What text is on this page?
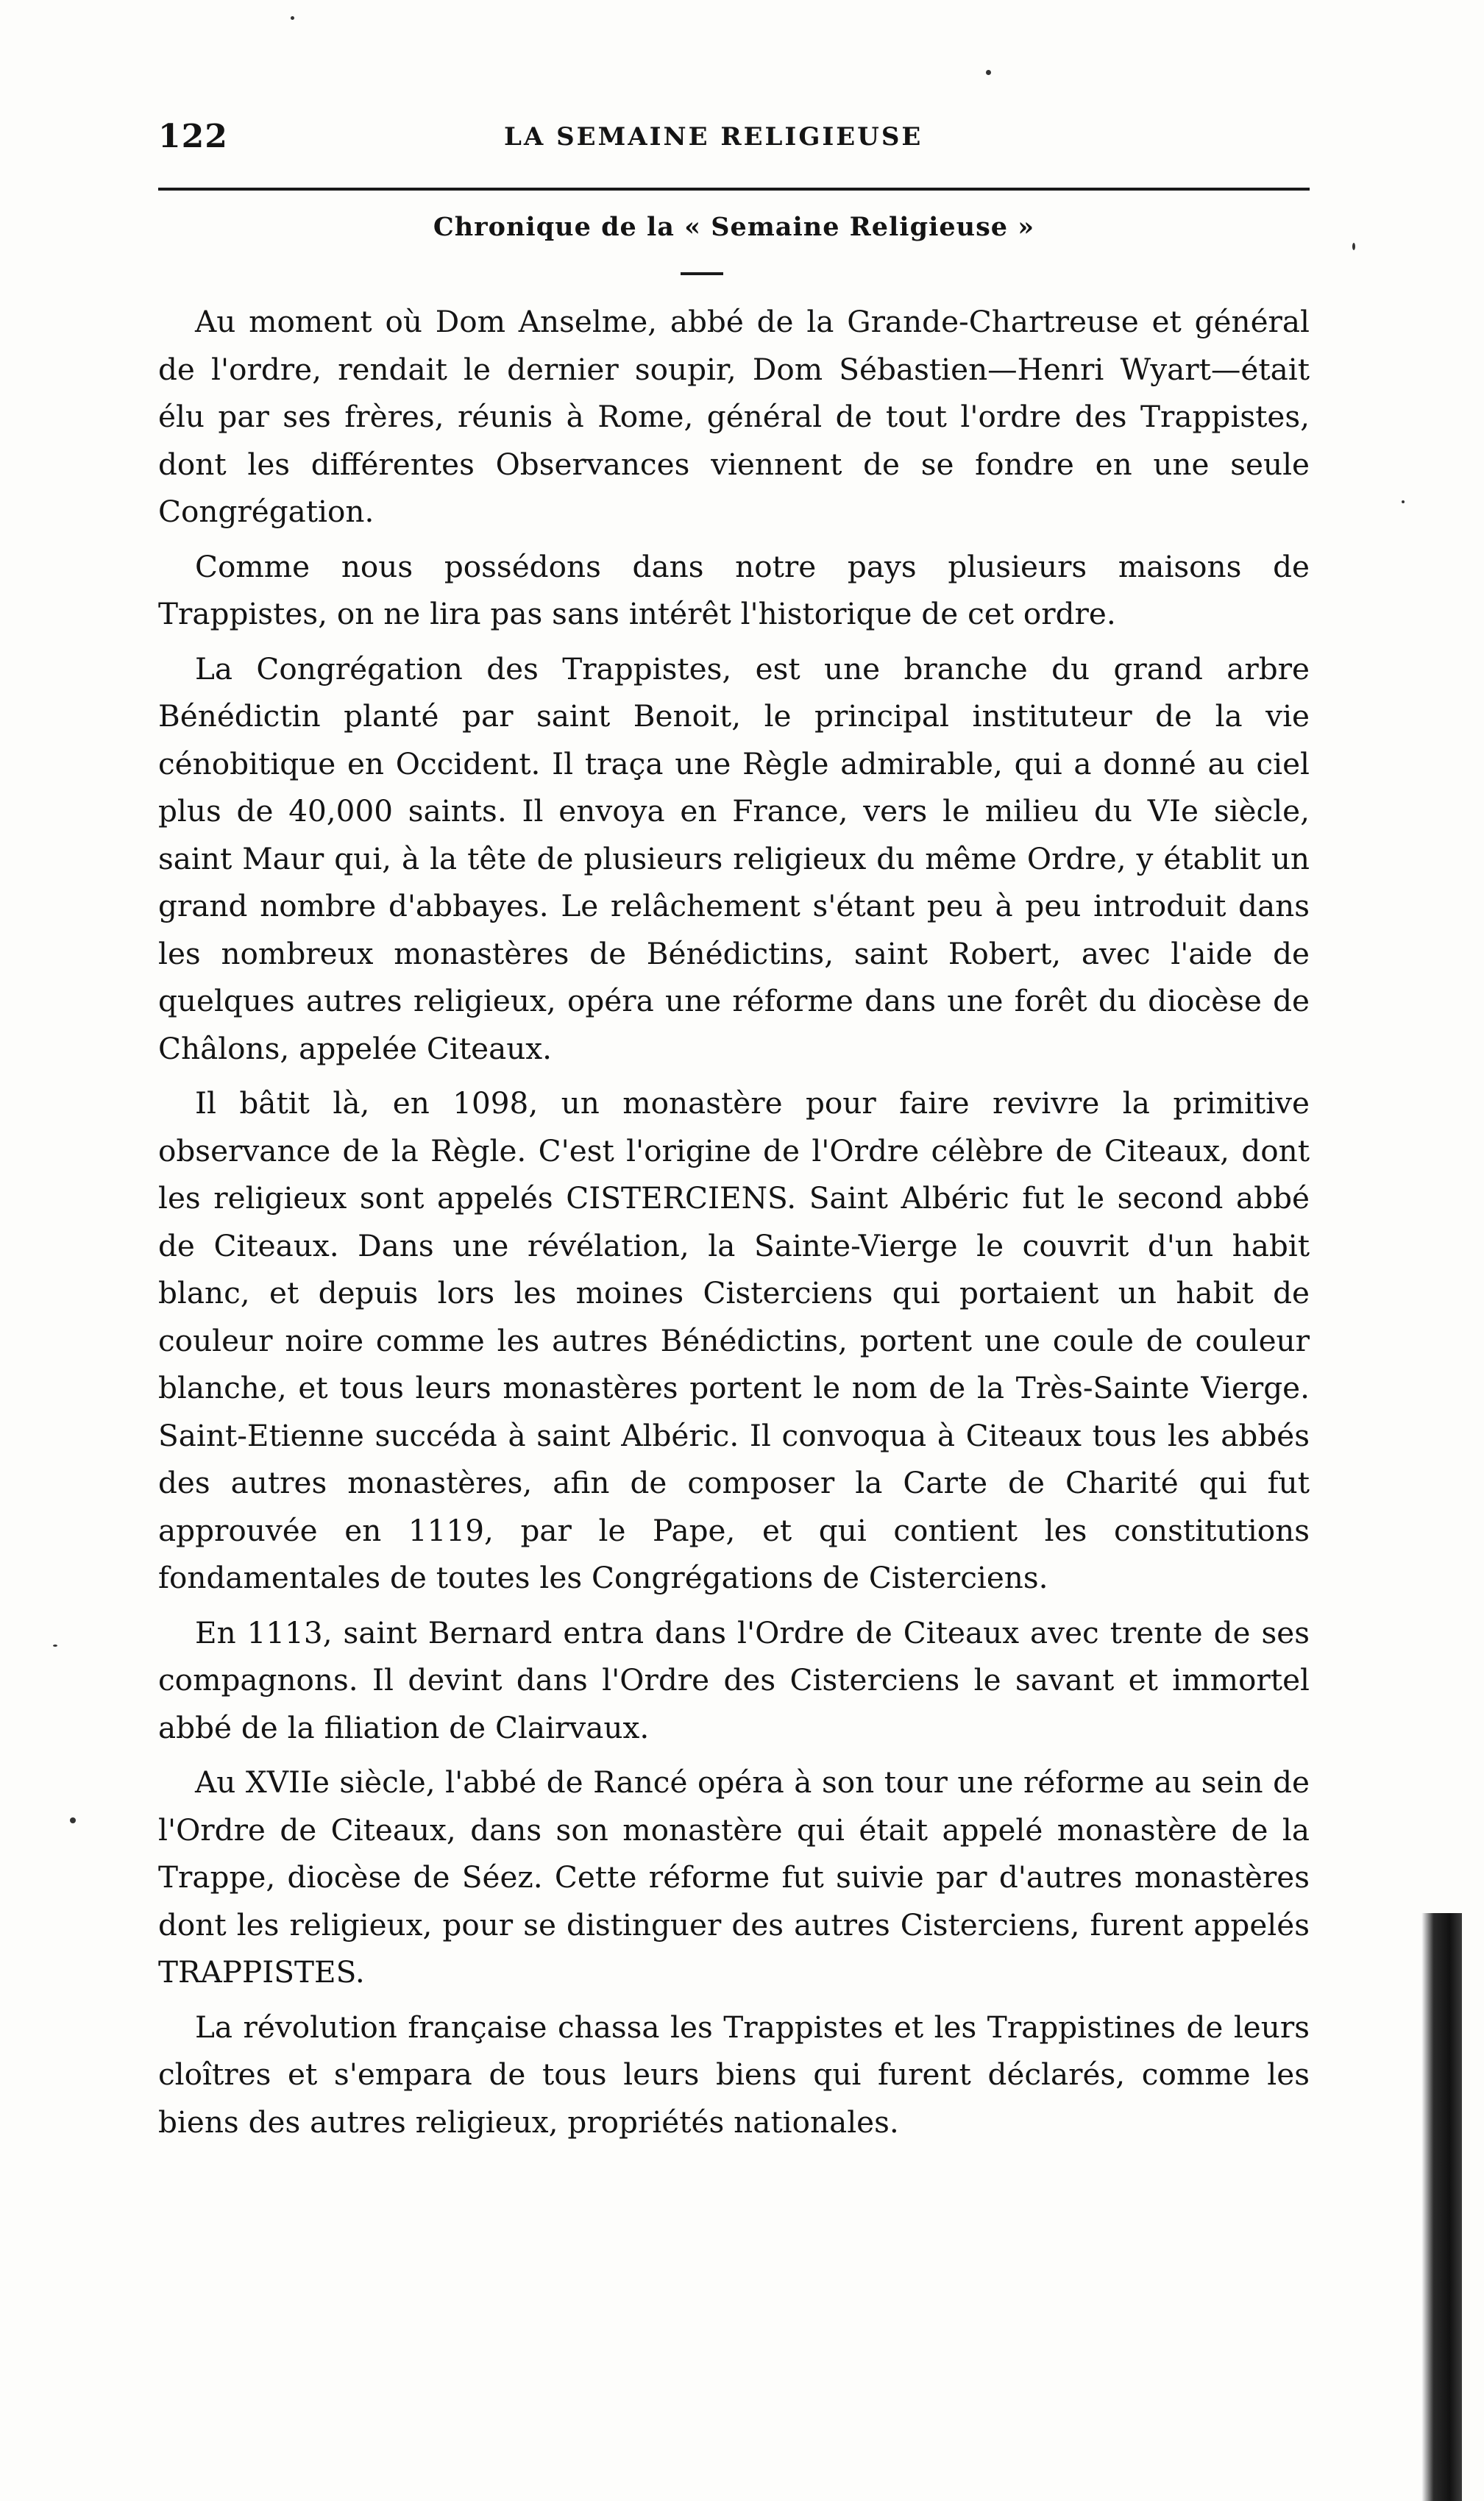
122	LA SEMAINE RELIGIEUSE
Chronique de la « Semaine Religieuse »

Au moment où Dom Anselme, abbé de la Grande-Chartreuse et général de l'ordre, rendait le dernier soupir, Dom Sébastien—Henri Wyart—était élu par ses frères, réunis à Rome, général de tout l'ordre des Trappistes, dont les différentes Observances viennent de se fondre en une seule Congrégation.

Comme nous possédons dans notre pays plusieurs maisons de Trappistes, on ne lira pas sans intérêt l'historique de cet ordre.

La Congrégation des Trappistes, est une branche du grand arbre Bénédictin planté par saint Benoit, le principal instituteur de la vie cénobitique en Occident. Il traça une Règle admirable, qui a donné au ciel plus de 40,000 saints. Il envoya en France, vers le milieu du VIe siècle, saint Maur qui, à la tête de plusieurs religieux du même Ordre, y établit un grand nombre d'abbayes. Le relâchement s'étant peu à peu introduit dans les nombreux monastères de Bénédictins, saint Robert, avec l'aide de quelques autres religieux, opéra une réforme dans une forêt du diocèse de Châlons, appelée Citeaux.

Il bâtit là, en 1098, un monastère pour faire revivre la primitive observance de la Règle. C'est l'origine de l'Ordre célèbre de Citeaux, dont les religieux sont appelés CISTERCIENS. Saint Albéric fut le second abbé de Citeaux. Dans une révélation, la Sainte-Vierge le couvrit d'un habit blanc, et depuis lors les moines Cisterciens qui portaient un habit de couleur noire comme les autres Bénédictins, portent une coule de couleur blanche, et tous leurs monastères portent le nom de la Très-Sainte Vierge. Saint-Etienne succéda à saint Albéric. Il convoqua à Citeaux tous les abbés des autres monastères, afin de composer la Carte de Charité qui fut approuvée en 1119, par le Pape, et qui contient les constitutions fondamentales de toutes les Congrégations de Cisterciens.

En 1113, saint Bernard entra dans l'Ordre de Citeaux avec trente de ses compagnons. Il devint dans l'Ordre des Cisterciens le savant et immortel abbé de la filiation de Clairvaux.

Au XVIIe siècle, l'abbé de Rancé opéra à son tour une réforme au sein de l'Ordre de Citeaux, dans son monastère qui était appelé monastère de la Trappe, diocèse de Séez. Cette réforme fut suivie par d'autres monastères dont les religieux, pour se distinguer des autres Cisterciens, furent appelés TRAPPISTES.

La révolution française chassa les Trappistes et les Trappistines de leurs cloîtres et s'empara de tous leurs biens qui furent déclarés, comme les biens des autres religieux, propriétés nationales.
